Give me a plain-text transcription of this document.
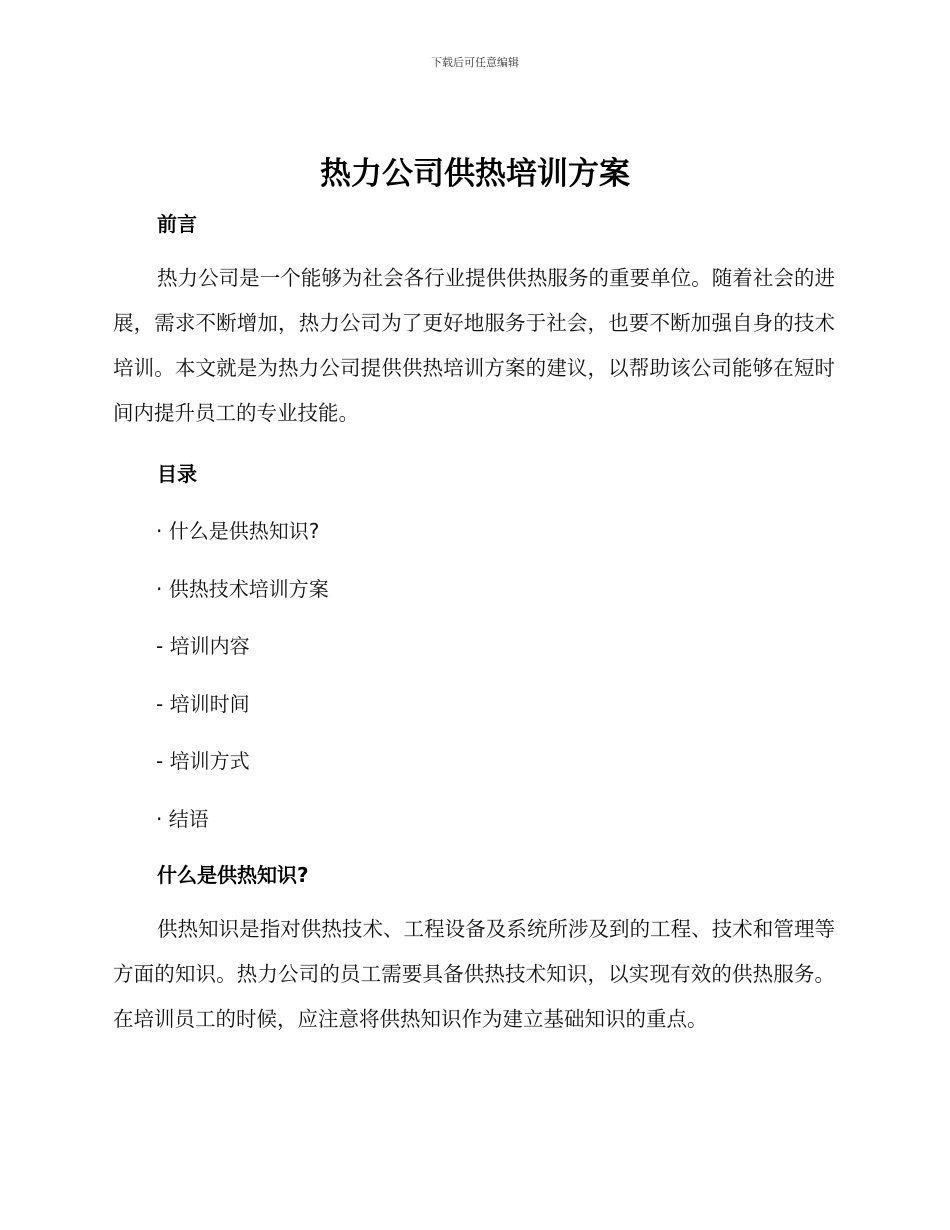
下载后可任意编辑
热力公司供热培训方案
前言
热力公司是一个能够为社会各行业提供供热服务的重要单位。随着社会的进展，需求不断增加，热力公司为了更好地服务于社会，也要不断加强自身的技术培训。本文就是为热力公司提供供热培训方案的建议，以帮助该公司能够在短时间内提升员工的专业技能。
目录
· 什么是供热知识?
· 供热技术培训方案
- 培训内容
- 培训时间
- 培训方式
· 结语
什么是供热知识?
供热知识是指对供热技术、工程设备及系统所涉及到的工程、技术和管理等方面的知识。热力公司的员工需要具备供热技术知识，以实现有效的供热服务。在培训员工的时候，应注意将供热知识作为建立基础知识的重点。
